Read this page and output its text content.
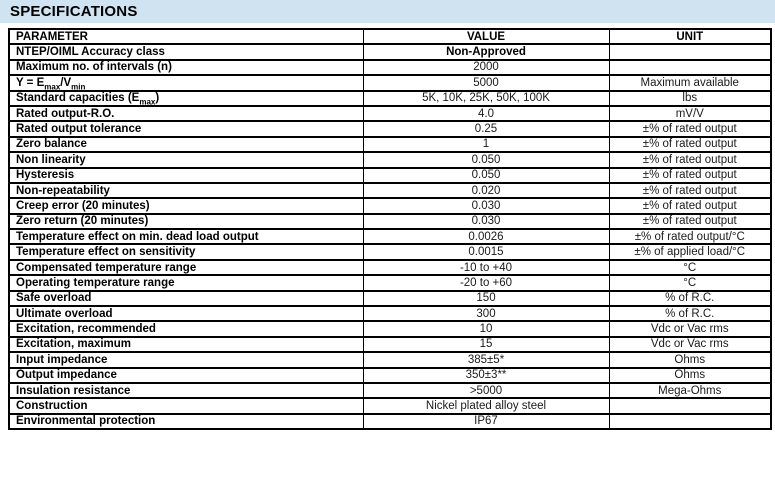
SPECIFICATIONS
PARAMETER	VALUE	UNIT
NTEP/OIML Accuracy class	Non-Approved	
Maximum no. of intervals (n)	2000	
$Y = E_{max}/V_{min}$	5000	Maximum available
Standard capacities $(E_{max})$	5K, 10K, 25K, 50K, 100K	lbs
Rated output-R.O.	4.0	mV/V
Rated output tolerance	0.25	±% of rated output
Zero balance	1	±% of rated output
Non linearity	0.050	±% of rated output
Hysteresis	0.050	±% of rated output
Non-repeatability	0.020	±% of rated output
Creep error (20 minutes)	0.030	±% of rated output
Zero return (20 minutes)	0.030	±% of rated output
Temperature effect on min. dead load output	0.0026	±% of rated output/°C
Temperature effect on sensitivity	0.0015	±% of applied load/°C
Compensated temperature range	-10 to +40	°C
Operating temperature range	-20 to +60	°C
Safe overload	150	% of R.C.
Ultimate overload	300	% of R.C.
Excitation, recommended	10	Vdc or Vac rms
Excitation, maximum	15	Vdc or Vac rms
Input impedance	385±5*	Ohms
Output impedance	350±3**	Ohms
Insulation resistance	>5000	Mega-Ohms
Construction	Nickel plated alloy steel	
Environmental protection	IP67	
